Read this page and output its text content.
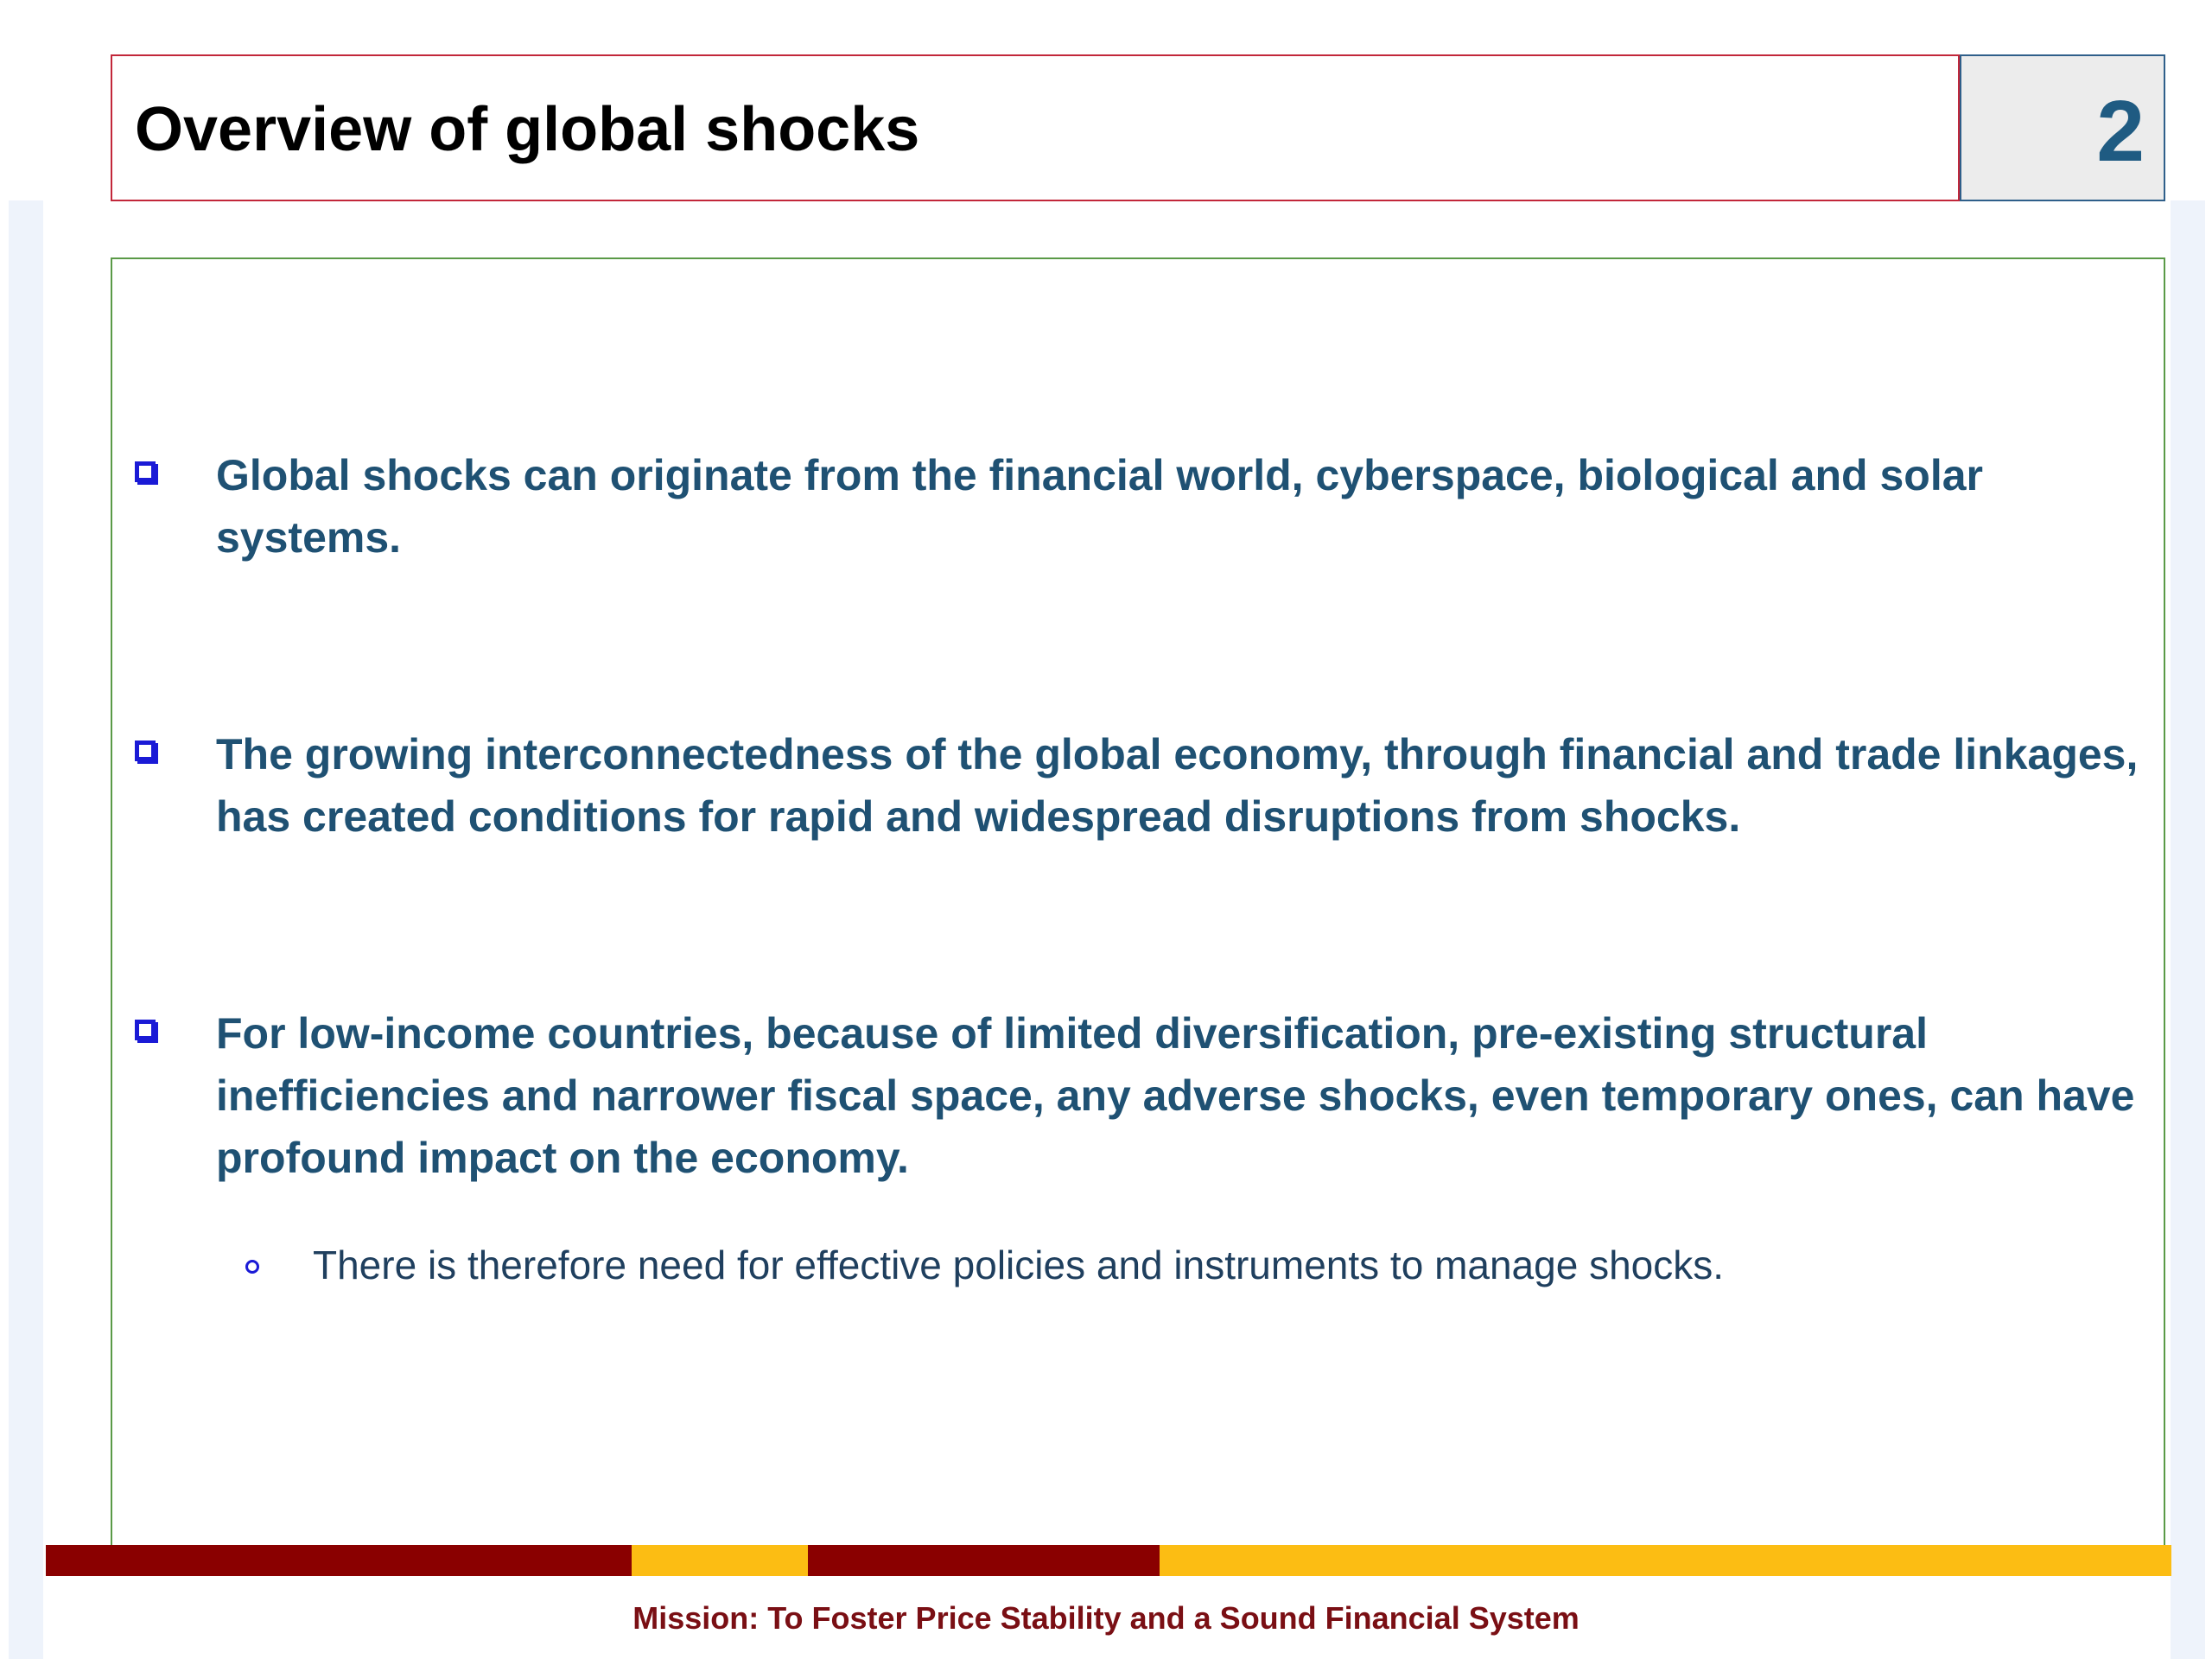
Overview of global shocks	2

Global shocks can originate from the financial world, cyberspace, biological and solar
systems.

The growing interconnectedness of the global economy, through financial and trade linkages,
has created conditions for rapid and widespread disruptions from shocks.

For low-income countries, because of limited diversification, pre-existing structural
inefficiencies and narrower fiscal space, any adverse shocks, even temporary ones, can have
profound impact on the economy.

There is therefore need for effective policies and instruments to manage shocks.

Mission: To Foster Price Stability and a Sound Financial System
